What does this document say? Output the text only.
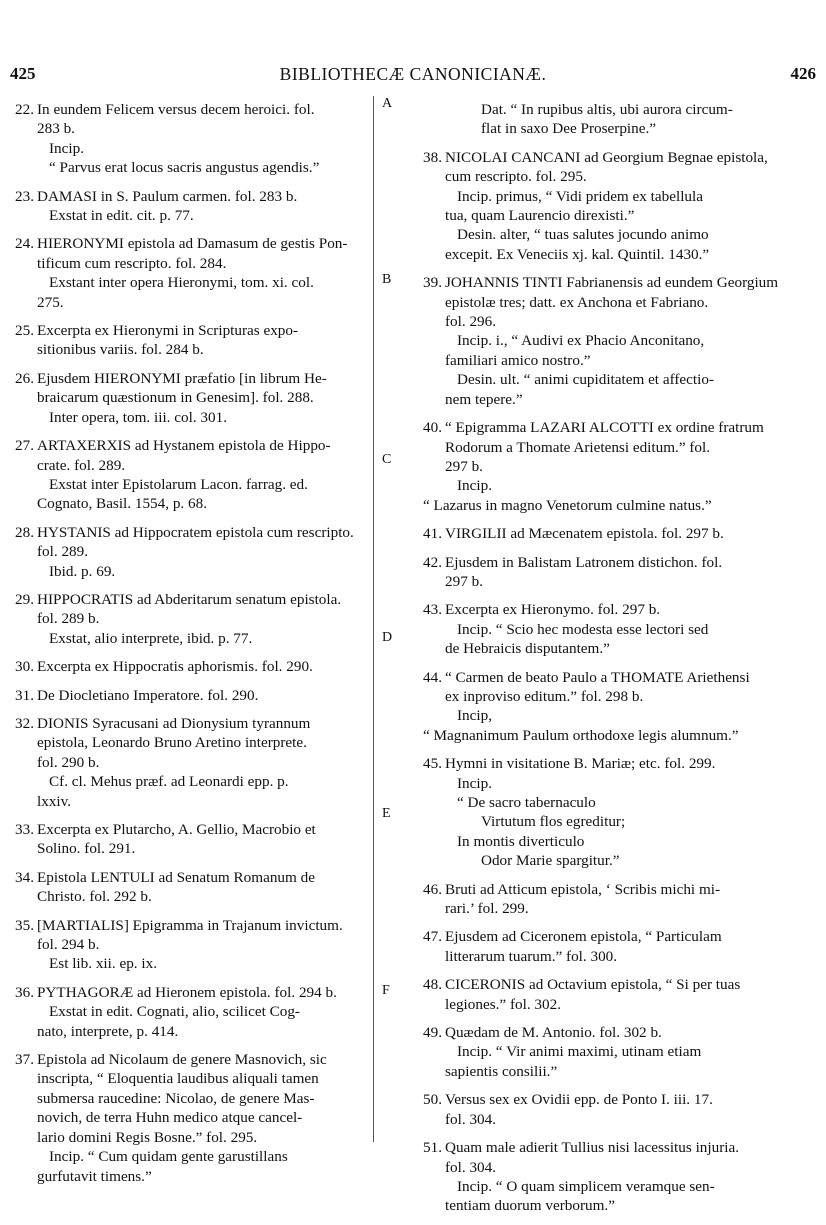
425	BIBLIOTHECÆ CANONICIANÆ.	426
22. In eundem Felicem versus decem heroici. fol.
283 b.
Incip.
“ Parvus erat locus sacris angustus agendis.”
23. DAMASI in S. Paulum carmen. fol. 283 b.
Exstat in edit. cit. p. 77.
24. HIERONYMI epistola ad Damasum de gestis Pon-
tificum cum rescripto. fol. 284.
Exstant inter opera Hieronymi, tom. xi. col.
275.
25. Excerpta ex Hieronymi in Scripturas expo-
sitionibus variis. fol. 284 b.
26. Ejusdem HIERONYMI præfatio [in librum He-
braicarum quæstionum in Genesim]. fol. 288.
Inter opera, tom. iii. col. 301.
27. ARTAXERXIS ad Hystanem epistola de Hippo-
crate. fol. 289.
Exstat inter Epistolarum Lacon. farrag. ed.
Cognato, Basil. 1554, p. 68.
28. HYSTANIS ad Hippocratem epistola cum rescripto.
fol. 289.
Ibid. p. 69.
29. HIPPOCRATIS ad Abderitarum senatum epistola.
fol. 289 b.
Exstat, alio interprete, ibid. p. 77.
30. Excerpta ex Hippocratis aphorismis. fol. 290.
31. De Diocletiano Imperatore. fol. 290.
32. DIONIS Syracusani ad Dionysium tyrannum
epistola, Leonardo Bruno Aretino interprete.
fol. 290 b.
Cf. cl. Mehus præf. ad Leonardi epp. p.
lxxiv.
33. Excerpta ex Plutarcho, A. Gellio, Macrobio et
Solino. fol. 291.
34. Epistola LENTULI ad Senatum Romanum de
Christo. fol. 292 b.
35. [MARTIALIS] Epigramma in Trajanum invictum.
fol. 294 b.
Est lib. xii. ep. ix.
36. PYTHAGORÆ ad Hieronem epistola. fol. 294 b.
Exstat in edit. Cognati, alio, scilicet Cog-
nato, interprete, p. 414.
37. Epistola ad Nicolaum de genere Masnovich, sic
inscripta, “ Eloquentia laudibus aliquali tamen
submersa raucedine: Nicolao, de genere Mas-
novich, de terra Huhn medico atque cancel-
lario domini Regis Bosne.” fol. 295.
Incip. “ Cum quidam gente garustillans
gurfutavit timens.”
A
B
C
D
E
F
Dat. “ In rupibus altis, ubi aurora circum-
flat in saxo Dee Proserpine.”
38. NICOLAI CANCANI ad Georgium Begnae epistola,
cum rescripto. fol. 295.
Incip. primus, “ Vidi pridem ex tabellula
tua, quam Laurencio direxisti.”
Desin. alter, “ tuas salutes jocundo animo
excepit. Ex Veneciis xj. kal. Quintil. 1430.”
39. JOHANNIS TINTI Fabrianensis ad eundem Georgium
epistolæ tres; datt. ex Anchona et Fabriano.
fol. 296.
Incip. i., “ Audivi ex Phacio Anconitano,
familiari amico nostro.”
Desin. ult. “ animi cupiditatem et affectio-
nem tepere.”
40. “ Epigramma LAZARI ALCOTTI ex ordine fratrum
Rodorum a Thomate Arietensi editum.” fol.
297 b.
Incip.
“ Lazarus in magno Venetorum culmine natus.”
41. VIRGILII ad Mæcenatem epistola. fol. 297 b.
42. Ejusdem in Balistam Latronem distichon. fol.
297 b.
43. Excerpta ex Hieronymo. fol. 297 b.
Incip. “ Scio hec modesta esse lectori sed
de Hebraicis disputantem.”
44. “ Carmen de beato Paulo a THOMATE Ariethensi
ex inproviso editum.” fol. 298 b.
Incip,
“ Magnanimum Paulum orthodoxe legis alumnum.”
45. Hymni in visitatione B. Mariæ; etc. fol. 299.
Incip.
“ De sacro tabernaculo
Virtutum flos egreditur;
In montis diverticulo
Odor Marie spargitur.”
46. Bruti ad Atticum epistola, ‘ Scribis michi mi-
rari.’ fol. 299.
47. Ejusdem ad Ciceronem epistola, “ Particulam
litterarum tuarum.” fol. 300.
48. CICERONIS ad Octavium epistola, “ Si per tuas
legiones.” fol. 302.
49. Quædam de M. Antonio. fol. 302 b.
Incip. “ Vir animi maximi, utinam etiam
sapientis consilii.”
50. Versus sex ex Ovidii epp. de Ponto I. iii. 17.
fol. 304.
51. Quam male adierit Tullius nisi lacessitus injuria.
fol. 304.
Incip. “ O quam simplicem veramque sen-
tentiam duorum verborum.”
